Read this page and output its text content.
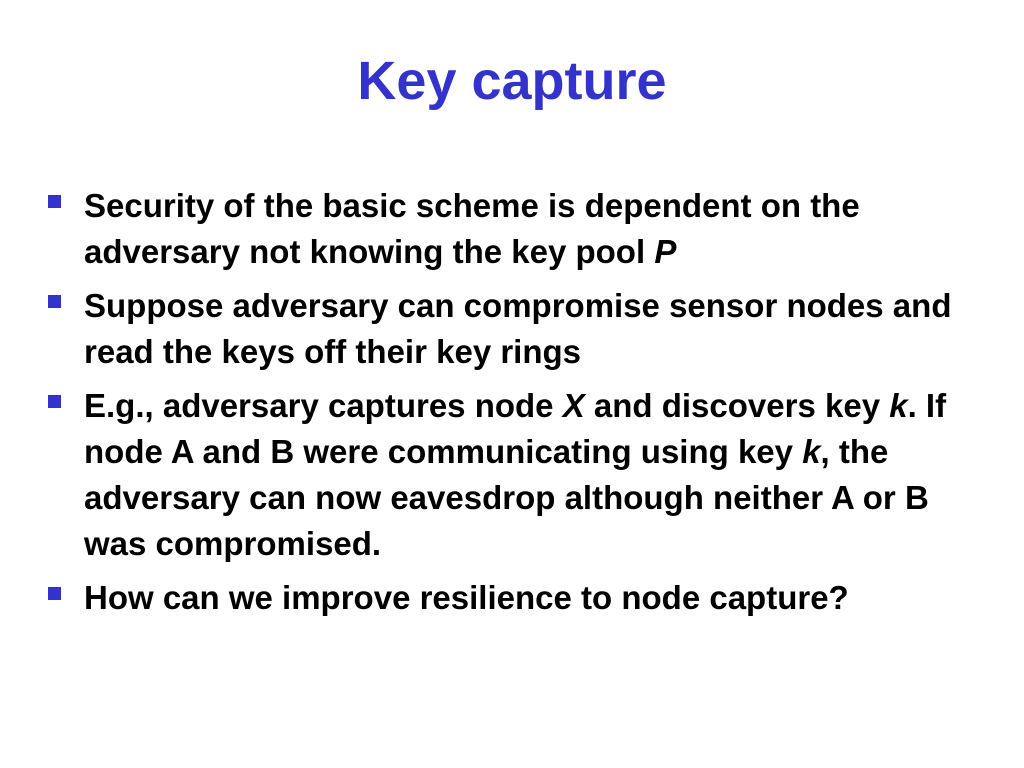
Key capture
Security of the basic scheme is dependent on the adversary not knowing the key pool P
Suppose adversary can compromise sensor nodes and read the keys off their key rings
E.g., adversary captures node X and discovers key k. If node A and B were communicating using key k, the adversary can now eavesdrop although neither A or B was compromised.
How can we improve resilience to node capture?
